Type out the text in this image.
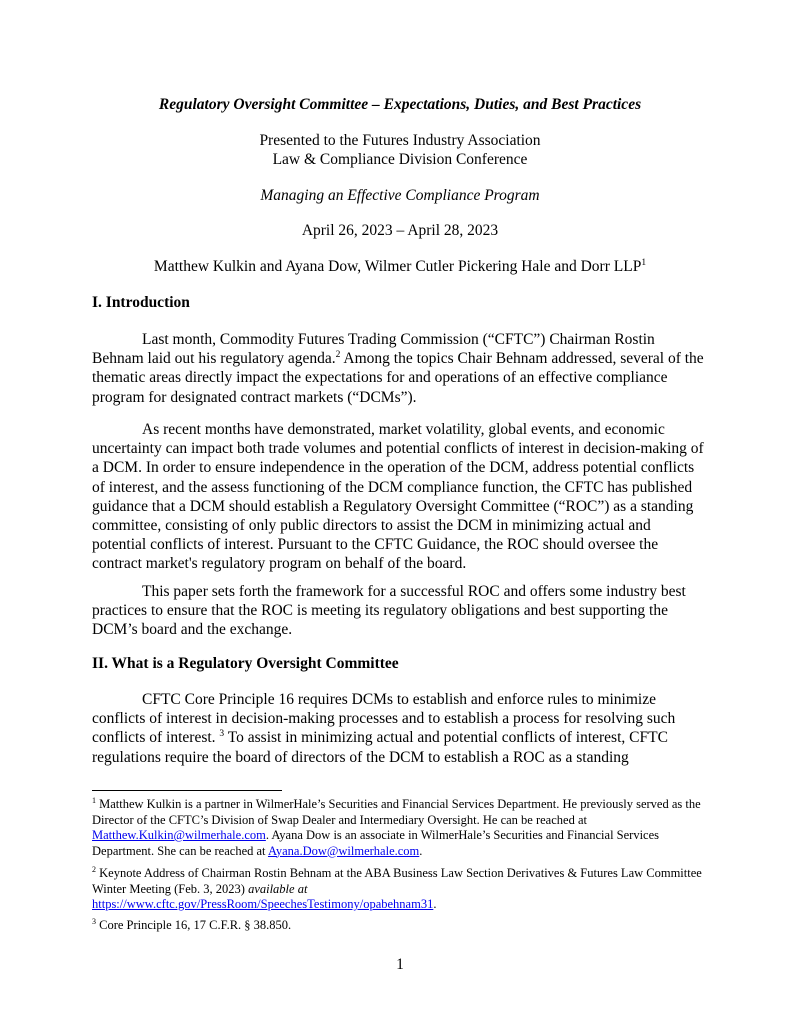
Regulatory Oversight Committee – Expectations, Duties, and Best Practices
Presented to the Futures Industry Association
Law & Compliance Division Conference
Managing an Effective Compliance Program
April 26, 2023 – April 28, 2023
Matthew Kulkin and Ayana Dow, Wilmer Cutler Pickering Hale and Dorr LLP$^1$
I. Introduction

Last month, Commodity Futures Trading Commission (“CFTC”) Chairman Rostin Behnam laid out his regulatory agenda.$^2$ Among the topics Chair Behnam addressed, several of the thematic areas directly impact the expectations for and operations of an effective compliance program for designated contract markets (“DCMs”).

As recent months have demonstrated, market volatility, global events, and economic uncertainty can impact both trade volumes and potential conflicts of interest in decision-making of a DCM. In order to ensure independence in the operation of the DCM, address potential conflicts of interest, and the assess functioning of the DCM compliance function, the CFTC has published guidance that a DCM should establish a Regulatory Oversight Committee (“ROC”) as a standing committee, consisting of only public directors to assist the DCM in minimizing actual and potential conflicts of interest. Pursuant to the CFTC Guidance, the ROC should oversee the contract market's regulatory program on behalf of the board.

This paper sets forth the framework for a successful ROC and offers some industry best practices to ensure that the ROC is meeting its regulatory obligations and best supporting the DCM’s board and the exchange.

II. What is a Regulatory Oversight Committee

CFTC Core Principle 16 requires DCMs to establish and enforce rules to minimize conflicts of interest in decision-making processes and to establish a process for resolving such conflicts of interest. $^3$ To assist in minimizing actual and potential conflicts of interest, CFTC regulations require the board of directors of the DCM to establish a ROC as a standing

$^1$ Matthew Kulkin is a partner in WilmerHale’s Securities and Financial Services Department. He previously served as the Director of the CFTC’s Division of Swap Dealer and Intermediary Oversight. He can be reached at Matthew.Kulkin@wilmerhale.com. Ayana Dow is an associate in WilmerHale’s Securities and Financial Services Department. She can be reached at Ayana.Dow@wilmerhale.com.

$^2$ Keynote Address of Chairman Rostin Behnam at the ABA Business Law Section Derivatives & Futures Law Committee Winter Meeting (Feb. 3, 2023) available at
https://www.cftc.gov/PressRoom/SpeechesTestimony/opabehnam31.

$^3$ Core Principle 16, 17 C.F.R. § 38.850.

1
